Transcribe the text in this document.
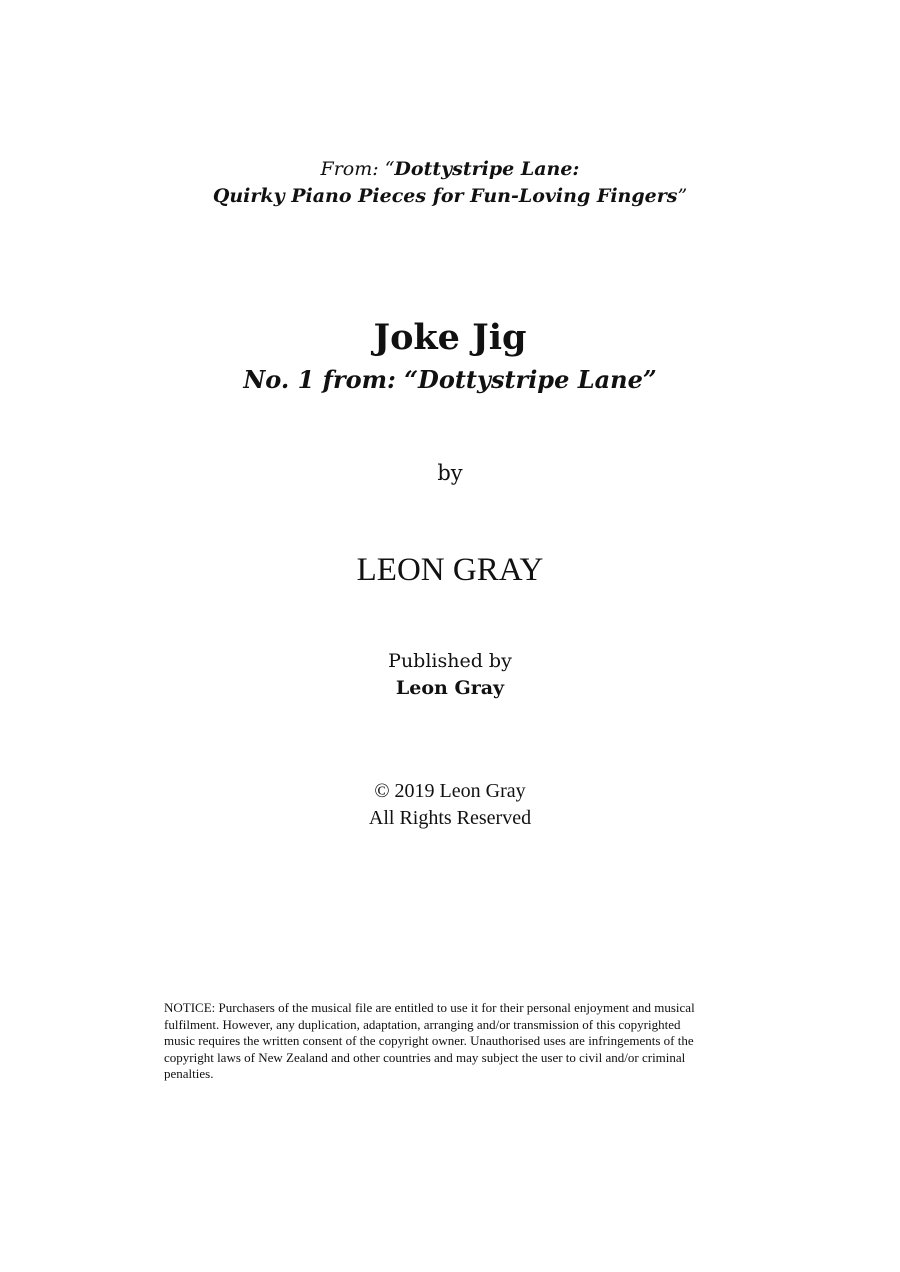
From: “Dottystripe Lane:
Quirky Piano Pieces for Fun-Loving Fingers”
Joke Jig
No. 1 from: “Dottystripe Lane”
by
LEON GRAY
Published by
Leon Gray
© 2019 Leon Gray
All Rights Reserved
NOTICE: Purchasers of the musical file are entitled to use it for their personal enjoyment and musical
fulfilment. However, any duplication, adaptation, arranging and/or transmission of this copyrighted
music requires the written consent of the copyright owner. Unauthorised uses are infringements of the
copyright laws of New Zealand and other countries and may subject the user to civil and/or criminal
penalties.
